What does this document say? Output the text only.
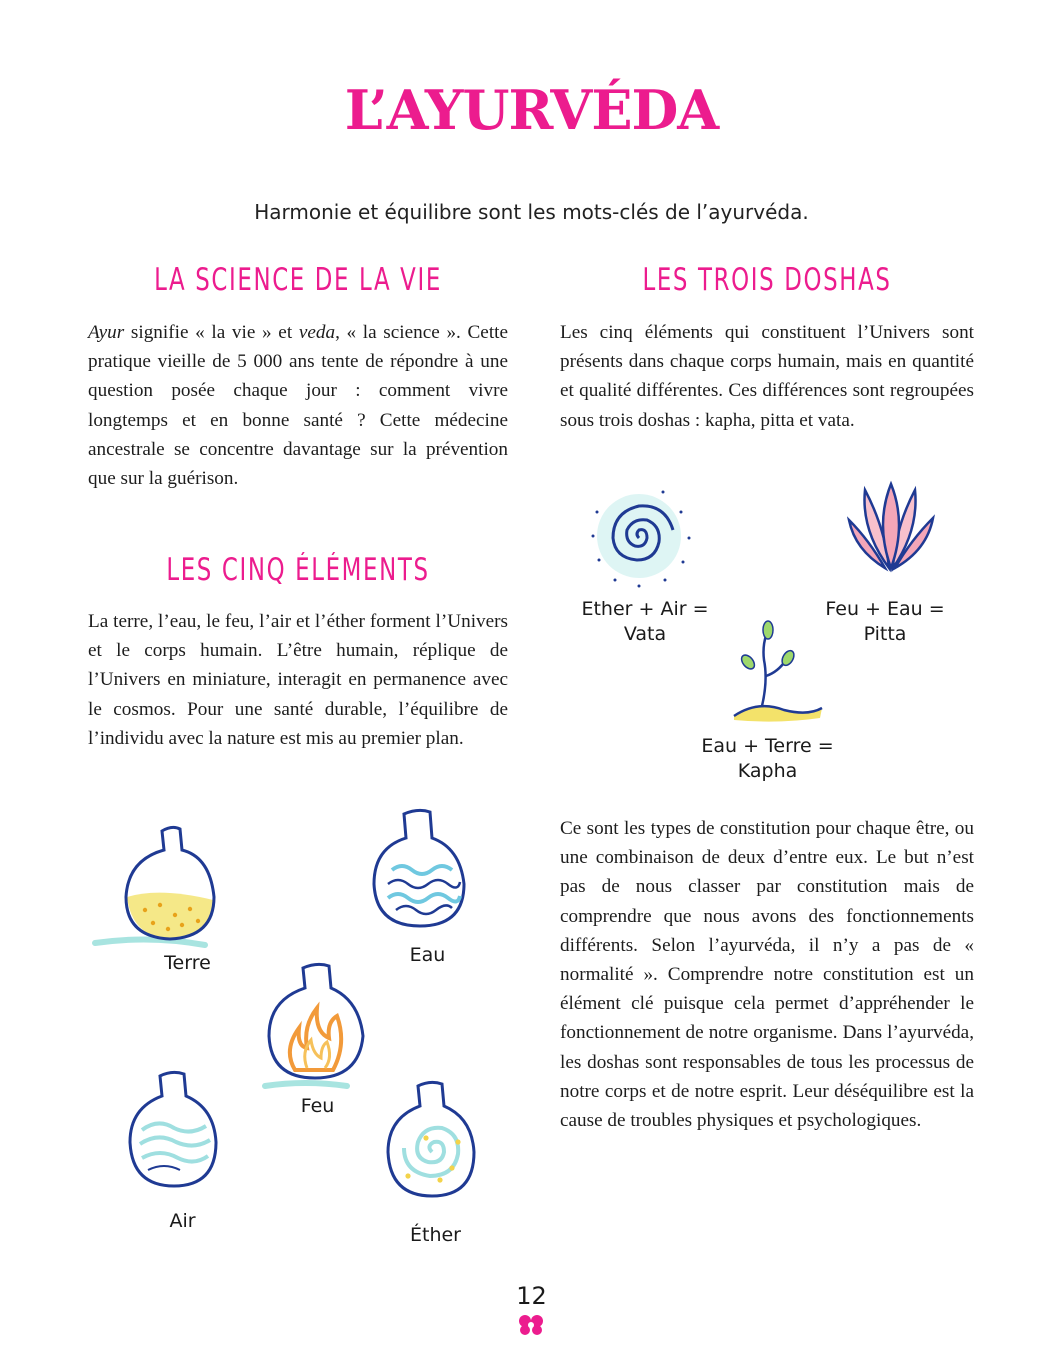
L’AYURVÉDA
Harmonie et équilibre sont les mots-clés de l’ayurvéda.
LA SCIENCE DE LA VIE
Ayur signifie « la vie » et veda, « la science ». Cette pratique vieille de 5 000 ans tente de répondre à une question posée chaque jour : comment vivre longtemps et en bonne santé ? Cette médecine ancestrale se concentre davantage sur la prévention que sur la guérison.
LES CINQ ÉLÉMENTS
La terre, l’eau, le feu, l’air et l’éther forment l’Univers et le corps humain. L’être humain, réplique de l’Univers en miniature, interagit en permanence avec le cosmos. Pour une santé durable, l’équilibre de l’individu avec la nature est mis au premier plan.
Terre	Eau
Feu
Air
Éther
LES TROIS DOSHAS
Les cinq éléments qui constituent l’Univers sont présents dans chaque corps humain, mais en quantité et qualité différentes. Ces différences sont regroupées sous trois doshas : kapha, pitta et vata.
Ether + Air =
Vata
Feu + Eau =
Pitta
Eau + Terre =
Kapha
Ce sont les types de constitution pour chaque être, ou une combinaison de deux d’entre eux. Le but n’est pas de nous classer par constitution mais de comprendre que nous avons des fonctionnements différents. Selon l’ayurvéda, il n’y a pas de « normalité ». Comprendre notre constitution est un élément clé puisque cela permet d’appréhender le fonctionnement de notre organisme. Dans l’ayurvéda, les doshas sont responsables de tous les processus de notre corps et de notre esprit. Leur déséquilibre est la cause de troubles physiques et psychologiques.
12
